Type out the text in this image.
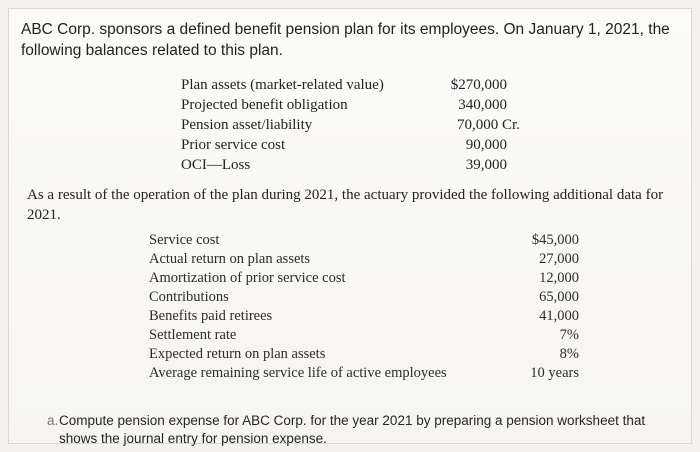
ABC Corp. sponsors a defined benefit pension plan for its employees. On January 1, 2021, the following balances related to this plan.
Plan assets (market-related value)	$270,000
Projected benefit obligation	340,000
Pension asset/liability	70,000 Cr.
Prior service cost	90,000
OCI—Loss	39,000
As a result of the operation of the plan during 2021, the actuary provided the following additional data for 2021.
Service cost	$45,000
Actual return on plan assets	27,000
Amortization of prior service cost	12,000
Contributions	65,000
Benefits paid retirees	41,000
Settlement rate	7%
Expected return on plan assets	8%
Average remaining service life of active employees	10 years
a. Compute pension expense for ABC Corp. for the year 2021 by preparing a pension worksheet that shows the journal entry for pension expense.
